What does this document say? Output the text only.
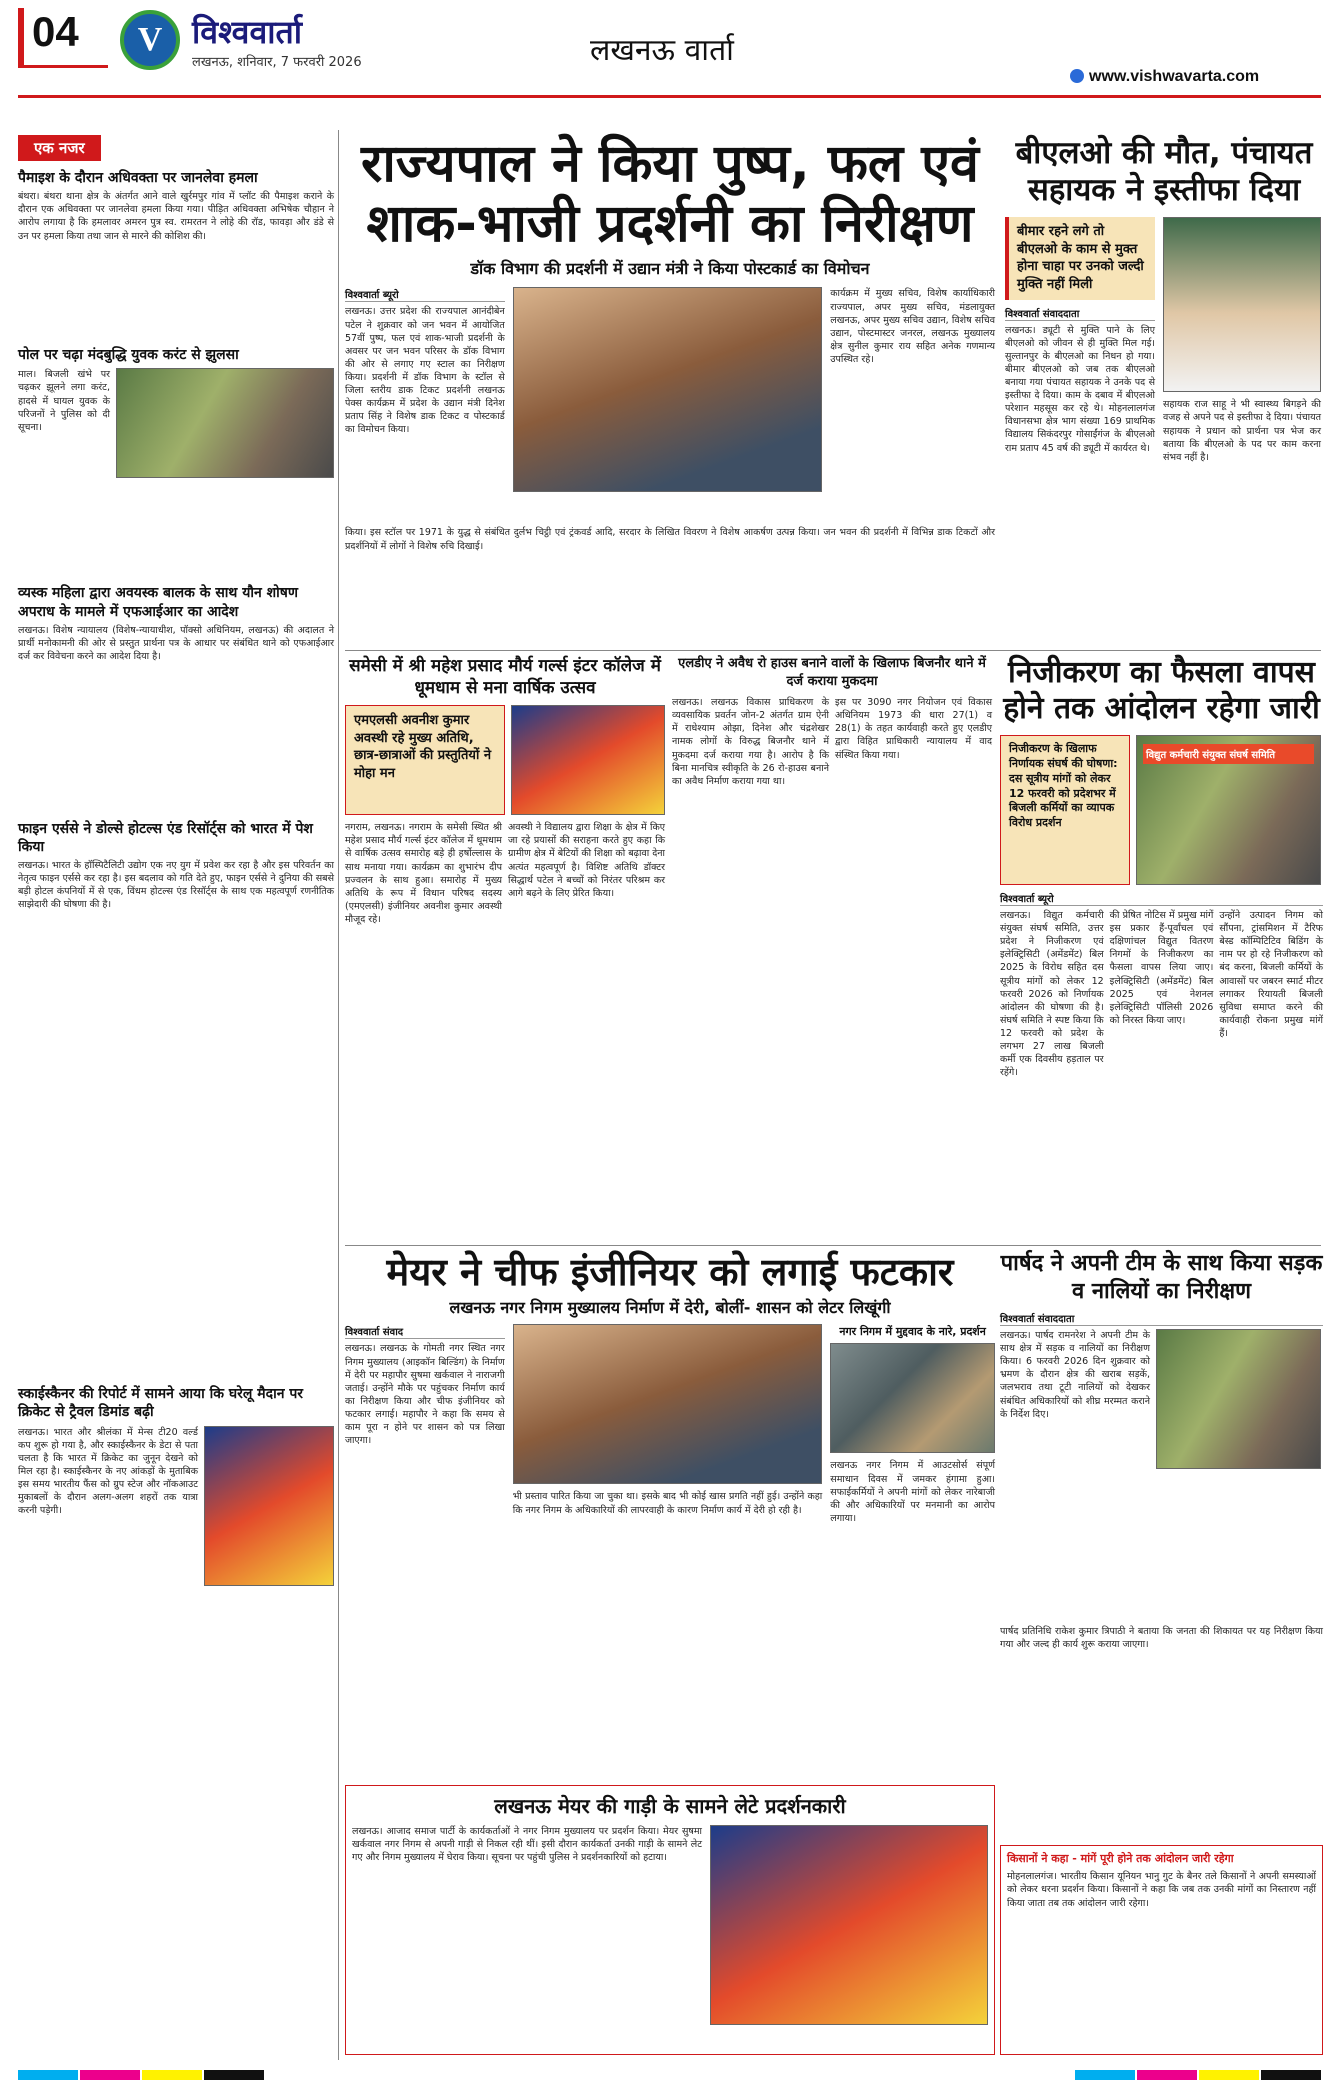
04	V विश्ववार्ता
लखनऊ, शनिवार, 7 फरवरी 2026	लखनऊ वार्ता
www.vishwavarta.com
एक नजर
पैमाइश के दौरान अधिवक्ता पर जानलेवा हमला
बंथरा। बंथरा थाना क्षेत्र के अंतर्गत आने वाले खुर्रमपुर गांव में प्लॉट की पैमाइश कराने के दौरान एक अधिवक्ता पर जानलेवा हमला किया गया। पीड़ित अधिवक्ता अभिषेक चौहान ने आरोप लगाया है कि हमलावर अमरन पुत्र स्व. रामरतन ने लोहे की रॉड, फावड़ा और डंडे से उन पर हमला किया तथा जान से मारने की कोशिश की।
पोल पर चढ़ा मंदबुद्धि युवक करंट से झुलसा
माल। बिजली खंभे पर चढ़कर झूलने लगा करंट, हादसे में घायल युवक के परिजनों ने पुलिस को दी सूचना।
व्यस्क महिला द्वारा अवयस्क बालक के साथ यौन शोषण अपराध के मामले में एफआईआर का आदेश
लखनऊ। विशेष न्यायालय (विशेष-न्यायाधीश, पॉक्सो अधिनियम, लखनऊ) की अदालत ने प्रार्थी मनोकामनी की ओर से प्रस्तुत प्रार्थना पत्र के आधार पर संबंधित थाने को एफआईआर दर्ज कर विवेचना करने का आदेश दिया है।
फाइन एर्ससे ने डोल्से होटल्स एंड रिसॉर्ट्स को भारत में पेश किया
लखनऊ। भारत के हॉस्पिटैलिटी उद्योग एक नए युग में प्रवेश कर रहा है और इस परिवर्तन का नेतृत्व फाइन एर्ससे कर रहा है। इस बदलाव को गति देते हुए, फाइन एर्ससे ने दुनिया की सबसे बड़ी होटल कंपनियों में से एक, विंधम होटल्स एंड रिसॉर्ट्स के साथ एक महत्वपूर्ण रणनीतिक साझेदारी की घोषणा की है।
स्काईस्कैनर की रिपोर्ट में सामने आया कि घरेलू मैदान पर क्रिकेट से ट्रैवल डिमांड बढ़ी
लखनऊ। भारत और श्रीलंका में मेन्स टी20 वर्ल्ड कप शुरू हो गया है, और स्काईस्कैनर के डेटा से पता चलता है कि भारत में क्रिकेट का जुनून देखने को मिल रहा है। स्काईस्कैनर के नए आंकड़ों के मुताबिक इस समय भारतीय फैंस को ग्रुप स्टेज और नॉकआउट मुकाबलों के दौरान अलग-अलग शहरों तक यात्रा करनी पड़ेगी।
राज्यपाल ने किया पुष्प, फल एवं शाक-भाजी प्रदर्शनी का निरीक्षण
डॉक विभाग की प्रदर्शनी में उद्यान मंत्री ने किया पोस्टकार्ड का विमोचन
विश्ववार्ता ब्यूरो
लखनऊ। उत्तर प्रदेश की राज्यपाल आनंदीबेन पटेल ने शुक्रवार को जन भवन में आयोजित 57वीं पुष्प, फल एवं शाक-भाजी प्रदर्शनी के अवसर पर जन भवन परिसर के डॉक विभाग की ओर से लगाए गए स्टाल का निरीक्षण किया। प्रदर्शनी में डॉक विभाग के स्टॉल से जिला स्तरीय डाक टिकट प्रदर्शनी लखनऊ पेक्स कार्यक्रम में प्रदेश के उद्यान मंत्री दिनेश प्रताप सिंह ने विशेष डाक टिकट व पोस्टकार्ड का विमोचन किया।
कार्यक्रम में मुख्य सचिव, विशेष कार्याधिकारी राज्यपाल, अपर मुख्य सचिव, मंडलायुक्त लखनऊ, अपर मुख्य सचिव उद्यान, विशेष सचिव उद्यान, पोस्टमास्टर जनरल, लखनऊ मुख्यालय क्षेत्र सुनील कुमार राय सहित अनेक गणमान्य उपस्थित रहे।
किया। इस स्टॉल पर 1971 के युद्ध से संबंधित दुर्लभ चिट्ठी एवं ट्रंकवर्ड आदि, सरदार के लिखित विवरण ने विशेष आकर्षण उत्पन्न किया। जन भवन की प्रदर्शनी में विभिन्न डाक टिकटों और प्रदर्शनियों में लोगों ने विशेष रुचि दिखाई।
बीएलओ की मौत, पंचायत सहायक ने इस्तीफा दिया
बीमार रहने लगे तो बीएलओ के काम से मुक्त होना चाहा पर उनको जल्दी मुक्ति नहीं मिली
विश्ववार्ता संवाददाता
लखनऊ। ड्यूटी से मुक्ति पाने के लिए बीएलओ को जीवन से ही मुक्ति मिल गई। सुल्तानपुर के बीएलओ का निधन हो गया। बीमार बीएलओ को जब तक बीएलओ बनाया गया पंचायत सहायक ने उनके पद से इस्तीफा दे दिया। काम के दबाव में बीएलओ परेशान महसूस कर रहे थे। मोहनलालगंज विधानसभा क्षेत्र भाग संख्या 169 प्राथमिक विद्यालय सिकंदरपुर गोसाईंगंज के बीएलओ राम प्रताप 45 वर्ष की ड्यूटी में कार्यरत थे।
सहायक राज साहू ने भी स्वास्थ्य बिगड़ने की वजह से अपने पद से इस्तीफा दे दिया। पंचायत सहायक ने प्रधान को प्रार्थना पत्र भेज कर बताया कि बीएलओ के पद पर काम करना संभव नहीं है।
समेसी में श्री महेश प्रसाद मौर्य गर्ल्स इंटर कॉलेज में धूमधाम से मना वार्षिक उत्सव
एमएलसी अवनीश कुमार अवस्थी रहे मुख्य अतिथि, छात्र-छात्राओं की प्रस्तुतियों ने मोहा मन
नगराम, लखनऊ। नगराम के समेसी स्थित श्री महेश प्रसाद मौर्य गर्ल्स इंटर कॉलेज में धूमधाम से वार्षिक उत्सव समारोह बड़े ही हर्षोल्लास के साथ मनाया गया। कार्यक्रम का शुभारंभ दीप प्रज्वलन के साथ हुआ। समारोह में मुख्य अतिथि के रूप में विधान परिषद सदस्य (एमएलसी) इंजीनियर अवनीश कुमार अवस्थी मौजूद रहे।
अवस्थी ने विद्यालय द्वारा शिक्षा के क्षेत्र में किए जा रहे प्रयासों की सराहना करते हुए कहा कि ग्रामीण क्षेत्र में बेटियों की शिक्षा को बढ़ावा देना अत्यंत महत्वपूर्ण है। विशिष्ट अतिथि डॉक्टर सिद्धार्थ पटेल ने बच्चों को निरंतर परिश्रम कर आगे बढ़ने के लिए प्रेरित किया।
एलडीए ने अवैध रो हाउस बनाने वालों के खिलाफ बिजनौर थाने में दर्ज कराया मुकदमा
लखनऊ। लखनऊ विकास प्राधिकरण के व्यवसायिक प्रवर्तन जोन-2 अंतर्गत ग्राम ऐनी में राधेश्याम ओझा, दिनेश और चंद्रशेखर नामक लोगों के विरुद्ध बिजनौर थाने में मुकदमा दर्ज कराया गया है। आरोप है कि बिना मानचित्र स्वीकृति के 26 रो-हाउस बनाने का अवैध निर्माण कराया गया था।
इस पर 3090 नगर नियोजन एवं विकास अधिनियम 1973 की धारा 27(1) व 28(1) के तहत कार्यवाही करते हुए एलडीए द्वारा विहित प्राधिकारी न्यायालय में वाद संस्थित किया गया।
निजीकरण का फैसला वापस होने तक आंदोलन रहेगा जारी
निजीकरण के खिलाफ निर्णायक संघर्ष की घोषणा: दस सूत्रीय मांगों को लेकर 12 फरवरी को प्रदेशभर में बिजली कर्मियों का व्यापक विरोध प्रदर्शन
विद्युत कर्मचारी संयुक्त संघर्ष समिति
विश्ववार्ता ब्यूरो
लखनऊ। विद्युत कर्मचारी संयुक्त संघर्ष समिति, उत्तर प्रदेश ने निजीकरण एवं इलेक्ट्रिसिटी (अमेंडमेंट) बिल 2025 के विरोध सहित दस सूत्रीय मांगों को लेकर 12 फरवरी 2026 को निर्णायक आंदोलन की घोषणा की है। संघर्ष समिति ने स्पष्ट किया कि 12 फरवरी को प्रदेश के लगभग 27 लाख बिजली कर्मी एक दिवसीय हड़ताल पर रहेंगे।
की प्रेषित नोटिस में प्रमुख मांगें इस प्रकार हैं-पूर्वांचल एवं दक्षिणांचल विद्युत वितरण निगमों के निजीकरण का फैसला वापस लिया जाए। इलेक्ट्रिसिटी (अमेंडमेंट) बिल 2025 एवं नेशनल इलेक्ट्रिसिटी पॉलिसी 2026 को निरस्त किया जाए।
उन्होंने उत्पादन निगम को सौंपना, ट्रांसमिशन में टैरिफ बेस्ड कॉम्पिटिटिव बिडिंग के नाम पर हो रहे निजीकरण को बंद करना, बिजली कर्मियों के आवासों पर जबरन स्मार्ट मीटर लगाकर रियायती बिजली सुविधा समाप्त करने की कार्यवाही रोकना प्रमुख मांगें हैं।
मेयर ने चीफ इंजीनियर को लगाई फटकार
लखनऊ नगर निगम मुख्यालय निर्माण में देरी, बोलीं- शासन को लेटर लिखूंगी
विश्ववार्ता संवाद
लखनऊ। लखनऊ के गोमती नगर स्थित नगर निगम मुख्यालय (आइकॉन बिल्डिंग) के निर्माण में देरी पर महापौर सुषमा खर्कवाल ने नाराजगी जताई। उन्होंने मौके पर पहुंचकर निर्माण कार्य का निरीक्षण किया और चीफ इंजीनियर को फटकार लगाई। महापौर ने कहा कि समय से काम पूरा न होने पर शासन को पत्र लिखा जाएगा।
भी प्रस्ताव पारित किया जा चुका था। इसके बाद भी कोई खास प्रगति नहीं हुई। उन्होंने कहा कि नगर निगम के अधिकारियों की लापरवाही के कारण निर्माण कार्य में देरी हो रही है।
नगर निगम में मुद्दवाद के नारे, प्रदर्शन
लखनऊ नगर निगम में आउटसोर्स संपूर्ण समाधान दिवस में जमकर हंगामा हुआ। सफाईकर्मियों ने अपनी मांगों को लेकर नारेबाजी की और अधिकारियों पर मनमानी का आरोप लगाया।
पार्षद ने अपनी टीम के साथ किया सड़क व नालियों का निरीक्षण
विश्ववार्ता संवाददाता
लखनऊ। पार्षद रामनरेश ने अपनी टीम के साथ क्षेत्र में सड़क व नालियों का निरीक्षण किया। 6 फरवरी 2026 दिन शुक्रवार को भ्रमण के दौरान क्षेत्र की खराब सड़कें, जलभराव तथा टूटी नालियों को देखकर संबंधित अधिकारियों को शीघ्र मरम्मत कराने के निर्देश दिए।
पार्षद प्रतिनिधि राकेश कुमार त्रिपाठी ने बताया कि जनता की शिकायत पर यह निरीक्षण किया गया और जल्द ही कार्य शुरू कराया जाएगा।
लखनऊ मेयर की गाड़ी के सामने लेटे प्रदर्शनकारी
लखनऊ। आजाद समाज पार्टी के कार्यकर्ताओं ने नगर निगम मुख्यालय पर प्रदर्शन किया। मेयर सुषमा खर्कवाल नगर निगम से अपनी गाड़ी से निकल रही थीं। इसी दौरान कार्यकर्ता उनकी गाड़ी के सामने लेट गए और निगम मुख्यालय में घेराव किया। सूचना पर पहुंची पुलिस ने प्रदर्शनकारियों को हटाया।	किसानों ने कहा - मांगें पूरी होने तक आंदोलन जारी रहेगा
मोहनलालगंज। भारतीय किसान यूनियन भानु गुट के बैनर तले किसानों ने अपनी समस्याओं को लेकर धरना प्रदर्शन किया। किसानों ने कहा कि जब तक उनकी मांगों का निस्तारण नहीं किया जाता तब तक आंदोलन जारी रहेगा।
